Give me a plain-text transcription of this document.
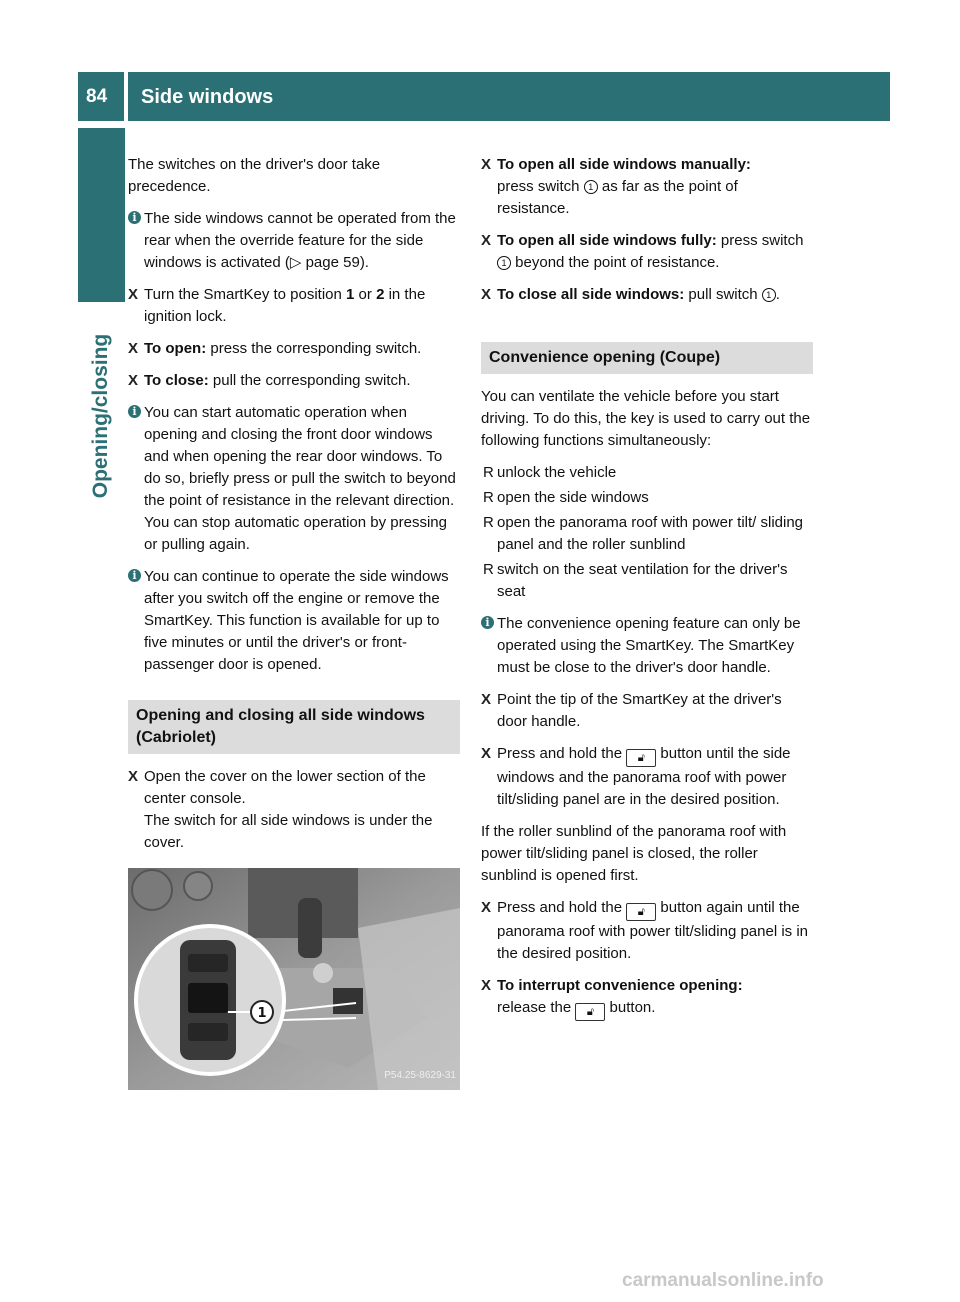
84 Side windows
Opening/closing

The switches on the driver's door take precedence.

i The side windows cannot be operated from the rear when the override feature for the side windows is activated (▷ page 59).
X Turn the SmartKey to position 1 or 2 in the ignition lock.
X To open: press the corresponding switch.
X To close: pull the corresponding switch.
i You can start automatic operation when opening and closing the front door windows and when opening the rear door windows. To do so, briefly press or pull the switch to beyond the point of resistance in the relevant direction. You can stop automatic operation by pressing or pulling again.
i You can continue to operate the side windows after you switch off the engine or remove the SmartKey. This function is available for up to five minutes or until the driver's or front-passenger door is opened.
Opening and closing all side windows (Cabriolet)
X Open the cover on the lower section of the center console.
The switch for all side windows is under the cover.
1
P54.25-8629-31
X To open all side windows manually:
press switch 1 as far as the point of resistance.
X To open all side windows fully: press switch 1 beyond the point of resistance.
X To close all side windows: pull switch 1 .
Convenience opening (Coupe)

You can ventilate the vehicle before you start driving. To do this, the key is used to carry out the following functions simultaneously:

R unlock the vehicle
R open the side windows
R open the panorama roof with power tilt/ sliding panel and the roller sunblind
R switch on the seat ventilation for the driver's seat
i The convenience opening feature can only be operated using the SmartKey. The SmartKey must be close to the driver's door handle.
X Point the tip of the SmartKey at the driver's door handle.
X Press and hold the 🔓︎ button until the side windows and the panorama roof with power tilt/sliding panel are in the desired position.

If the roller sunblind of the panorama roof with power tilt/sliding panel is closed, the roller sunblind is opened first.

X Press and hold the 🔓︎ button again until the panorama roof with power tilt/sliding panel is in the desired position.
X To interrupt convenience opening:
release the 🔓︎ button.
carmanualsonline.info
